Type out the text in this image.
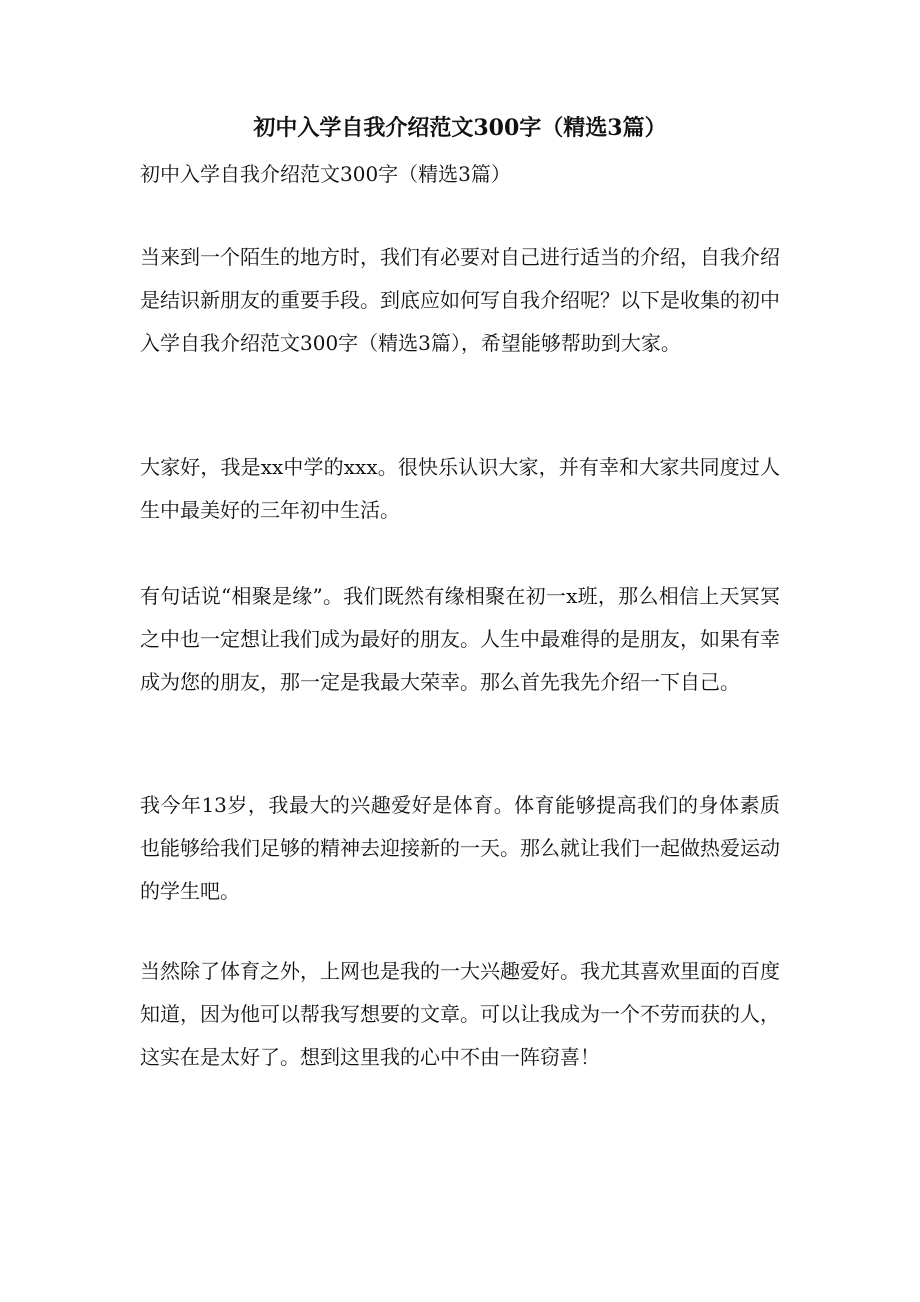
初中入学自我介绍范文300字（精选3篇）
初中入学自我介绍范文300字（精选3篇）

当来到一个陌生的地方时，我们有必要对自己进行适当的介绍，自我介绍是结识新朋友的重要手段。到底应如何写自我介绍呢？以下是收集的初中入学自我介绍范文300字（精选3篇），希望能够帮助到大家。

大家好，我是xx中学的xxx。很快乐认识大家，并有幸和大家共同度过人生中最美好的三年初中生活。

有句话说“相聚是缘”。我们既然有缘相聚在初一x班，那么相信上天冥冥之中也一定想让我们成为最好的朋友。人生中最难得的是朋友，如果有幸成为您的朋友，那一定是我最大荣幸。那么首先我先介绍一下自己。

我今年13岁，我最大的兴趣爱好是体育。体育能够提高我们的身体素质也能够给我们足够的精神去迎接新的一天。那么就让我们一起做热爱运动的学生吧。

当然除了体育之外，上网也是我的一大兴趣爱好。我尤其喜欢里面的百度知道，因为他可以帮我写想要的文章。可以让我成为一个不劳而获的人，这实在是太好了。想到这里我的心中不由一阵窃喜！
